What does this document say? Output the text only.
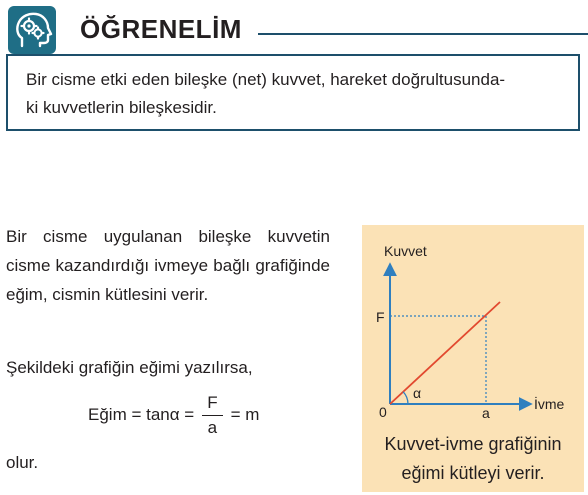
ÖĞRENELİM
Bir cisme etki eden bileşke (net) kuvvet, hareket doğrultusunda-
ki kuvvetlerin bileşkesidir.
Bir cisme uygulanan bileşke kuvvetin cisme kazandırdığı ivmeye bağlı grafiğinde eğim, cismin kütlesini verir.
Şekildeki grafiğin eğimi yazılırsa,
Eğim = $\tan\alpha = \frac{F}{a} = m$
olur.
Kuvvet
İvme
0
F
a
α
Kuvvet-ivme grafiğinin
eğimi kütleyi verir.
